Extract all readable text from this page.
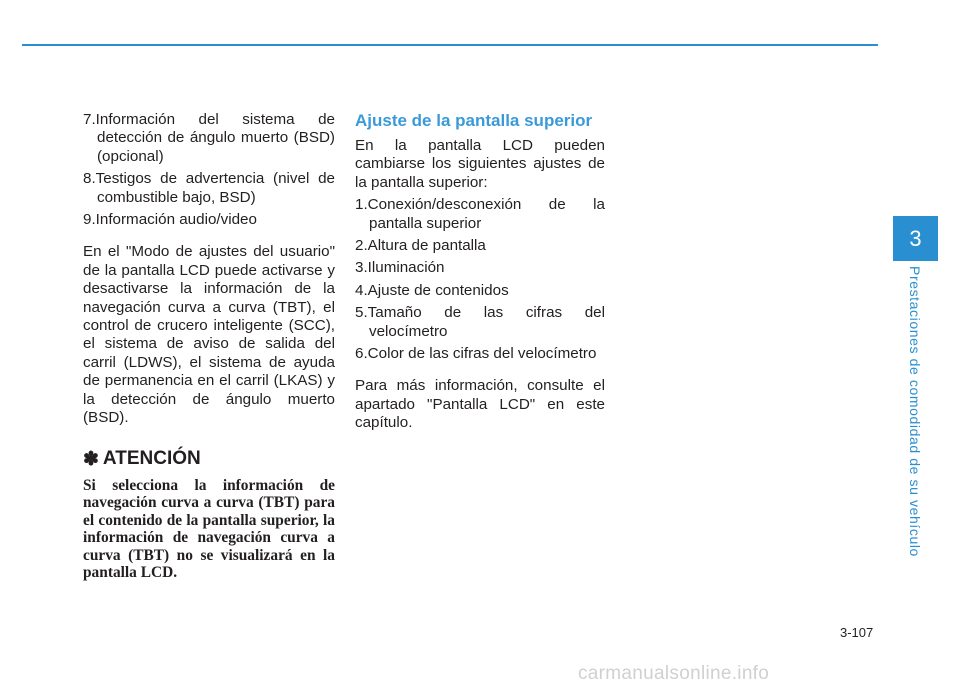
7.Información del sistema de detección de ángulo muerto (BSD) (opcional)

8.Testigos de advertencia (nivel de combustible bajo, BSD)

9.Información audio/video

En el "Modo de ajustes del usuario" de la pantalla LCD puede activarse y desactivarse la información de la navegación curva a curva (TBT), el control de crucero inteligente (SCC), el sistema de aviso de salida del carril (LDWS), el sistema de ayuda de permanencia en el carril (LKAS) y la detección de ángulo muerto (BSD).

✽ ATENCIÓN

Si selecciona la información de navegación curva a curva (TBT) para el contenido de la pantalla superior, la información de navegación curva a curva (TBT) no se visualizará en la pantalla LCD.

Ajuste de la pantalla superior

En la pantalla LCD pueden cambiarse los siguientes ajustes de la pantalla superior:

1.Conexión/desconexión de la pantalla superior

2.Altura de pantalla

3.Iluminación

4.Ajuste de contenidos

5.Tamaño de las cifras del velocímetro

6.Color de las cifras del velocímetro

Para más información, consulte el apartado "Pantalla LCD" en este capítulo.

3
Prestaciones de comodidad de su vehículo
3-107
carmanualsonline.info
